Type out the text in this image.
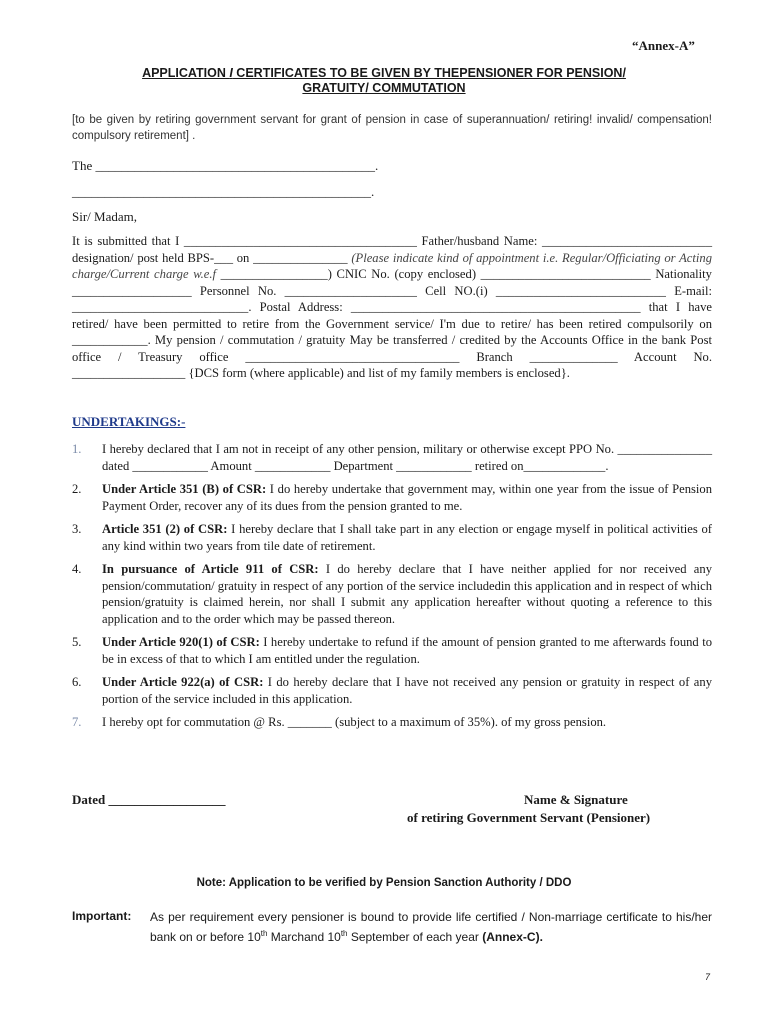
“Annex-A”
APPLICATION I CERTIFICATES TO BE GIVEN BY THEPENSIONER FOR PENSION/
GRATUITY/ COMMUTATION
[to be given by retiring government servant for grant of pension in case of superannuation/ retiring! invalid/ compensation! compulsory retirement] .
The ___________________________________________.
______________________________________________.
Sir/ Madam,
It is submitted that I _____________________________________ Father/husband Name: ___________________________ designation/ post held BPS-___ on _______________ (Please indicate kind of appointment i.e. Regular/Officiating or Acting charge/Current charge w.e.f _________________) CNIC No. (copy enclosed) ___________________________ Nationality ___________________ Personnel No. _____________________ Cell NO.(i) ___________________________ E-mail: ____________________________. Postal Address: ______________________________________________ that I have retired/ have been permitted to retire from the Government service/ I'm due to retire/ has been retired compulsorily on ____________. My pension / commutation / gratuity May be transferred / credited by the Accounts Office in the bank Post office / Treasury office __________________________________ Branch ______________ Account No. __________________ {DCS form (where applicable) and list of my family members is enclosed}.
UNDERTAKINGS:-
1. I hereby declared that I am not in receipt of any other pension, military or otherwise except PPO No. _______________ dated ____________ Amount ____________ Department ____________ retired on_____________.
2. Under Article 351 (B) of CSR: I do hereby undertake that government may, within one year from the issue of Pension Payment Order, recover any of its dues from the pension granted to me.
3. Article 351 (2) of CSR: I hereby declare that I shall take part in any election or engage myself in political activities of any kind within two years from tile date of retirement.
4. In pursuance of Article 911 of CSR: I do hereby declare that I have neither applied for nor received any pension/commutation/ gratuity in respect of any portion of the service includedin this application and in respect of which pension/gratuity is claimed herein, nor shall I submit any application hereafter without quoting a reference to this application and to the order which may be passed thereon.
5. Under Article 920(1) of CSR: I hereby undertake to refund if the amount of pension granted to me afterwards found to be in excess of that to which I am entitled under the regulation.
6. Under Article 922(a) of CSR: I do hereby declare that I have not received any pension or gratuity in respect of any portion of the service included in this application.
7. I hereby opt for commutation @ Rs. _______ (subject to a maximum of 35%). of my gross pension.
Dated __________________	Name & Signature
of retiring Government Servant (Pensioner)
Note: Application to be verified by Pension Sanction Authority / DDO
Important: As per requirement every pensioner is bound to provide life certified / Non-marriage certificate to his/her bank on or before 10th Marchand 10th September of each year (Annex-C).
7
